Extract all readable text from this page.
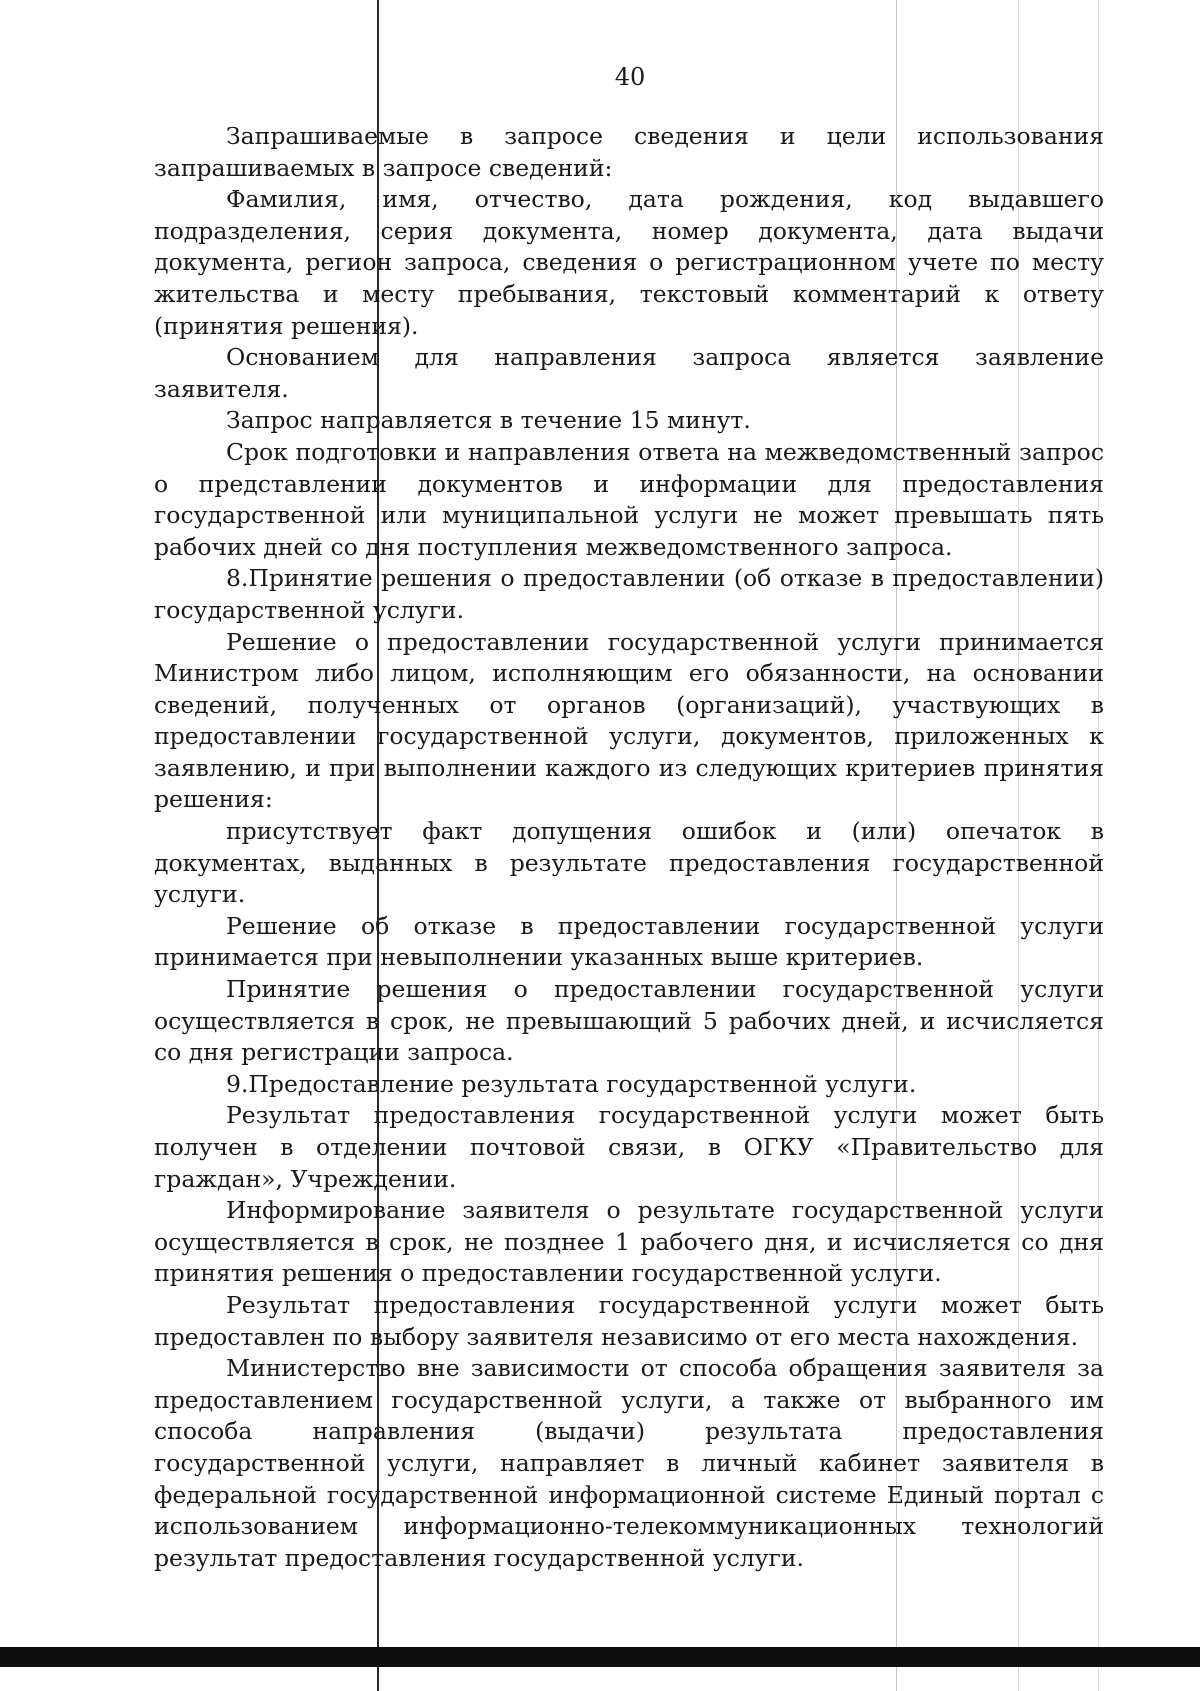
40

Запрашиваемые в запросе сведения и цели использования запрашиваемых в запросе сведений:

Фамилия, имя, отчество, дата рождения, код выдавшего подразделения, серия документа, номер документа, дата выдачи документа, регион запроса, сведения о регистрационном учете по месту жительства и месту пребывания, текстовый комментарий к ответу (принятия решения).

Основанием для направления запроса является заявление заявителя.

Запрос направляется в течение 15 минут.

Срок подготовки и направления ответа на межведомственный запрос о представлении документов и информации для предоставления государственной или муниципальной услуги не может превышать пять рабочих дней со дня поступления межведомственного запроса.

8.Принятие решения о предоставлении (об отказе в предоставлении) государственной услуги.

Решение о предоставлении государственной услуги принимается Министром либо лицом, исполняющим его обязанности, на основании сведений, полученных от органов (организаций), участвующих в предоставлении государственной услуги, документов, приложенных к заявлению, и при выполнении каждого из следующих критериев принятия решения:

присутствует факт допущения ошибок и (или) опечаток в документах, выданных в результате предоставления государственной услуги.

Решение об отказе в предоставлении государственной услуги принимается при невыполнении указанных выше критериев.

Принятие решения о предоставлении государственной услуги осуществляется в срок, не превышающий 5 рабочих дней, и исчисляется со дня регистрации запроса.

9.Предоставление результата государственной услуги.

Результат предоставления государственной услуги может быть получен в отделении почтовой связи, в ОГКУ «Правительство для граждан», Учреждении.

Информирование заявителя о результате государственной услуги осуществляется в срок, не позднее 1 рабочего дня, и исчисляется со дня принятия решения о предоставлении государственной услуги.

Результат предоставления государственной услуги может быть предоставлен по выбору заявителя независимо от его места нахождения.

Министерство вне зависимости от способа обращения заявителя за предоставлением государственной услуги, а также от выбранного им способа направления (выдачи) результата предоставления государственной услуги, направляет в личный кабинет заявителя в федеральной государственной информационной системе Единый портал с использованием информационно-телекоммуникационных технологий результат предоставления государственной услуги.
